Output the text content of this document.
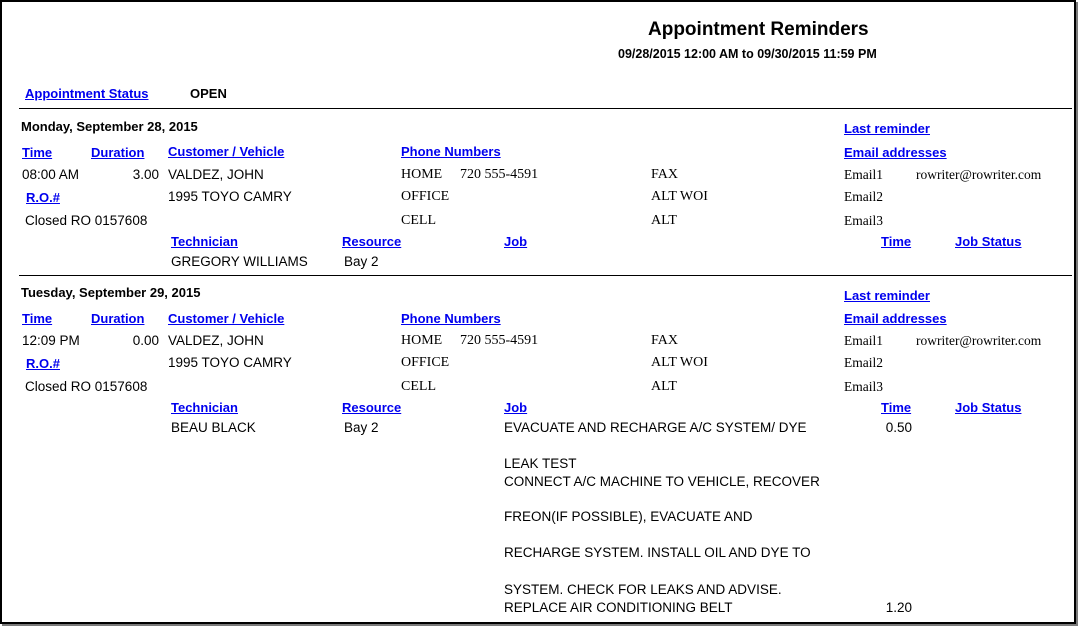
Appointment Reminders
09/28/2015 12:00 AM to 09/30/2015 11:59 PM
Appointment Status	OPEN
Monday, September 28, 2015	Last reminder
Time	Duration Customer / Vehicle	Phone Numbers	Email addresses
08:00 AM	3.00 VALDEZ, JOHN	HOME 720 555-4591	FAX	Email1 rowriter@rowriter.com
R.O.#	1995 TOYO CAMRY	OFFICE	ALT WOI	Email2
Closed RO 0157608	CELL	ALT	Email3
Technician	Resource	Job	Time	Job Status
GREGORY WILLIAMS	Bay 2
Tuesday, September 29, 2015	Last reminder
Time	Duration Customer / Vehicle	Phone Numbers	Email addresses
12:09 PM	0.00 VALDEZ, JOHN	HOME 720 555-4591	FAX	Email1 rowriter@rowriter.com
R.O.#	1995 TOYO CAMRY	OFFICE	ALT WOI	Email2
Closed RO 0157608	CELL	ALT	Email3
Technician	Resource	Job	Time	Job Status
BEAU BLACK	Bay 2	EVACUATE AND RECHARGE A/C SYSTEM/ DYE	0.50
LEAK TEST
CONNECT A/C MACHINE TO VEHICLE, RECOVER
FREON(IF POSSIBLE), EVACUATE AND
RECHARGE SYSTEM. INSTALL OIL AND DYE TO
SYSTEM. CHECK FOR LEAKS AND ADVISE.
REPLACE AIR CONDITIONING BELT	1.20
